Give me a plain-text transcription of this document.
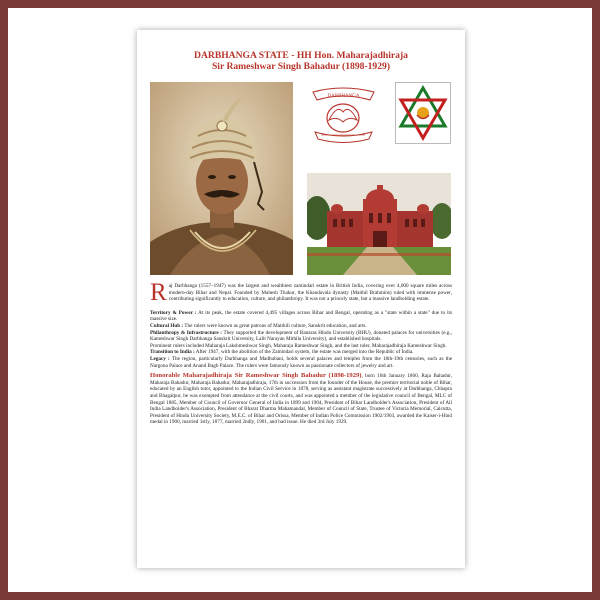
DARBHANGA STATE - HH Hon. Maharajadhiraja
Sir Rameshwar Singh Bahadur (1898-1929)
DARBHANGA

Raj Darbhanga (1557–1947) was the largest and wealthiest zamindari estate in British India, covering over 4,000 square miles across modern-day Bihar and Nepal. Founded by Mahesh Thakur, the Khandavala dynasty (Maithil Brahmins) ruled with immense power, contributing significantly to education, culture, and philanthropy. It was not a princely state, but a massive landholding estate.

Territory & Power : At its peak, the estate covered 4,495 villages across Bihar and Bengal, operating as a "state within a state" due to its massive size.

Cultural Hub : The rulers were known as great patrons of Maithili culture, Sanskrit education, and arts.

Philanthropy & Infrastructure : They supported the development of Banaras Hindu University (BHU), donated palaces for universities (e.g., Kameshwar Singh Darbhanga Sanskrit University, Lalit Narayan Mithila University), and established hospitals.

Prominent rulers included Maharaja Lakshmeshwar Singh, Maharaja Rameshwar Singh, and the last ruler, Maharajadhiraja Kameshwar Singh.

Transition to India : After 1947, with the abolition of the Zamindari system, the estate was merged into the Republic of India.

Legacy : The region, particularly Darbhanga and Madhubani, holds several palaces and temples from the 18th-19th centuries, such as the Nargona Palace and Anand Bagh Palace. The rulers were famously known as passionate collectors of jewelry and art.

Honorable Maharajadhiraja Sir Rameshwar Singh Bahadur (1898-1929), born 16th January 1860, Raja Bahadur, Maharaja Bahadur, Maharaja Bahadur, Maharajadhiraja, 17th in succession from the founder of the House, the premier territorial noble of Bihar, educated by an English tutor, appointed to the Indian Civil Service in 1878, serving as assistant magistrate successively at Darbhanga, Chhapra and Bhagalpur, he was exempted from attendance at the civil courts, and was appointed a member of the legislative council of Bengal, MLC of Bengal 1885, Member of Council of Governor General of India in 1899 and 1904, President of Bihar Landholder's Association, President of All India Landholder's Association, President of Bharat Dharma Mahamandal, Member of Council of State, Trustee of Victoria Memorial, Calcutta, President of Hindu University Society, M.E.C. of Bihar and Orissa, Member of Indian Police Commission 1902/1903, awarded the Kaiser-i-Hind medal in 1900, married 1stly, 1877, married 2ndly, 1901, and had issue. He died 3rd July 1929.
